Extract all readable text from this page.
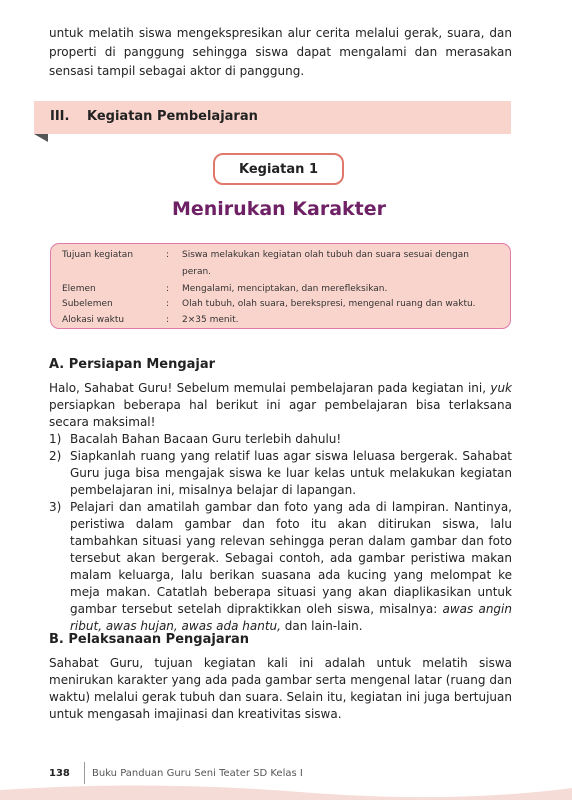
untuk melatih siswa mengekspresikan alur cerita melalui gerak, suara, dan properti di panggung sehingga siswa dapat mengalami dan merasakan sensasi tampil sebagai aktor di panggung.

III. Kegiatan Pembelajaran
Kegiatan 1
Menirukan Karakter
Tujuan kegiatan	: Siswa melakukan kegiatan olah tubuh dan suara sesuai dengan peran.
Elemen	: Mengalami, menciptakan, dan merefleksikan.
Subelemen	: Olah tubuh, olah suara, berekspresi, mengenal ruang dan waktu.
Alokasi waktu	: 2×35 menit.
A. Persiapan Mengajar

Halo, Sahabat Guru! Sebelum memulai pembelajaran pada kegiatan ini, yuk persiapkan beberapa hal berikut ini agar pembelajaran bisa terlaksana secara maksimal!

1) Bacalah Bahan Bacaan Guru terlebih dahulu!
2) Siapkanlah ruang yang relatif luas agar siswa leluasa bergerak. Sahabat Guru juga bisa mengajak siswa ke luar kelas untuk melakukan kegiatan pembelajaran ini, misalnya belajar di lapangan.
3) Pelajari dan amatilah gambar dan foto yang ada di lampiran. Nantinya, peristiwa dalam gambar dan foto itu akan ditirukan siswa, lalu tambahkan situasi yang relevan sehingga peran dalam gambar dan foto tersebut akan bergerak. Sebagai contoh, ada gambar peristiwa makan malam keluarga, lalu berikan suasana ada kucing yang melompat ke meja makan. Catatlah beberapa situasi yang akan diaplikasikan untuk gambar tersebut setelah dipraktikkan oleh siswa, misalnya: awas angin ribut, awas hujan, awas ada hantu, dan lain-lain.
B. Pelaksanaan Pengajaran

Sahabat Guru, tujuan kegiatan kali ini adalah untuk melatih siswa menirukan karakter yang ada pada gambar serta mengenal latar (ruang dan waktu) melalui gerak tubuh dan suara. Selain itu, kegiatan ini juga bertujuan untuk mengasah imajinasi dan kreativitas siswa.

138 Buku Panduan Guru Seni Teater SD Kelas I
